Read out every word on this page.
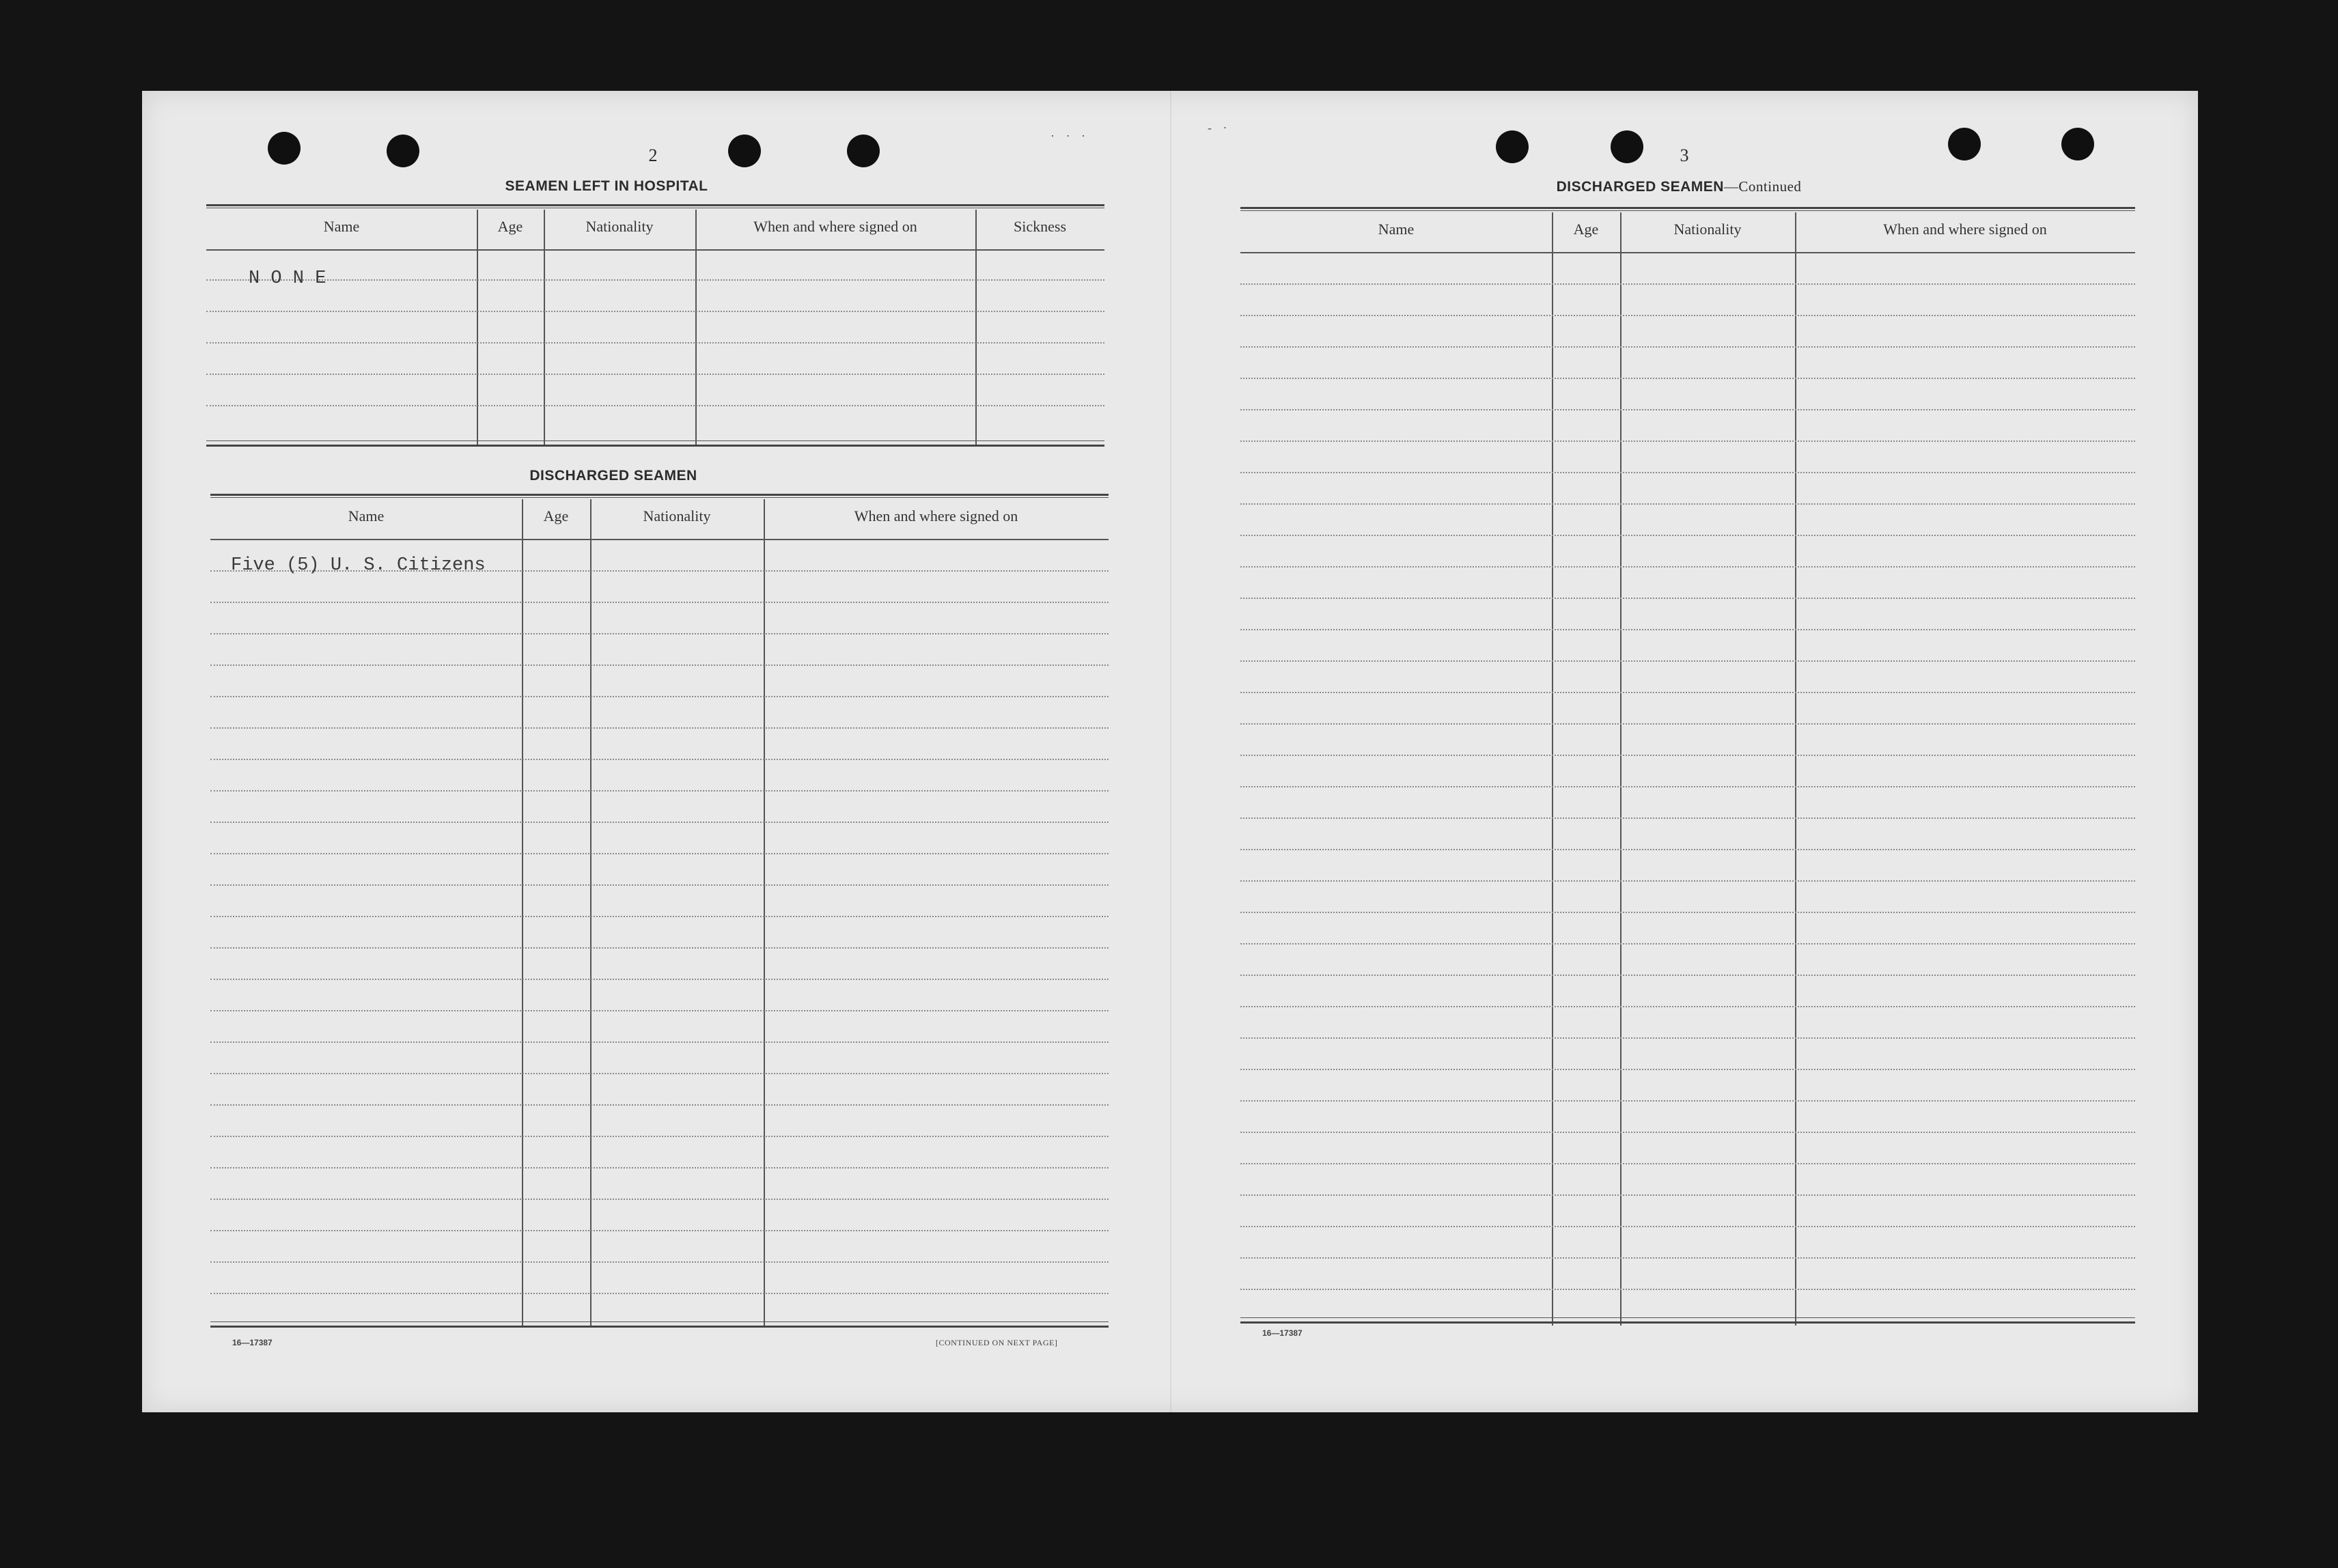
· · ·
- ·
2
SEAMEN LEFT IN HOSPITAL
Name	Age	Nationality	When and where signed on	Sickness
N O N E
DISCHARGED SEAMEN
Name	Age	Nationality	When and where signed on
Five (5) U. S. Citizens
16—17387	[CONTINUED ON NEXT PAGE]
3
DISCHARGED SEAMEN—Continued
Name	Age	Nationality	When and where signed on
16—17387
